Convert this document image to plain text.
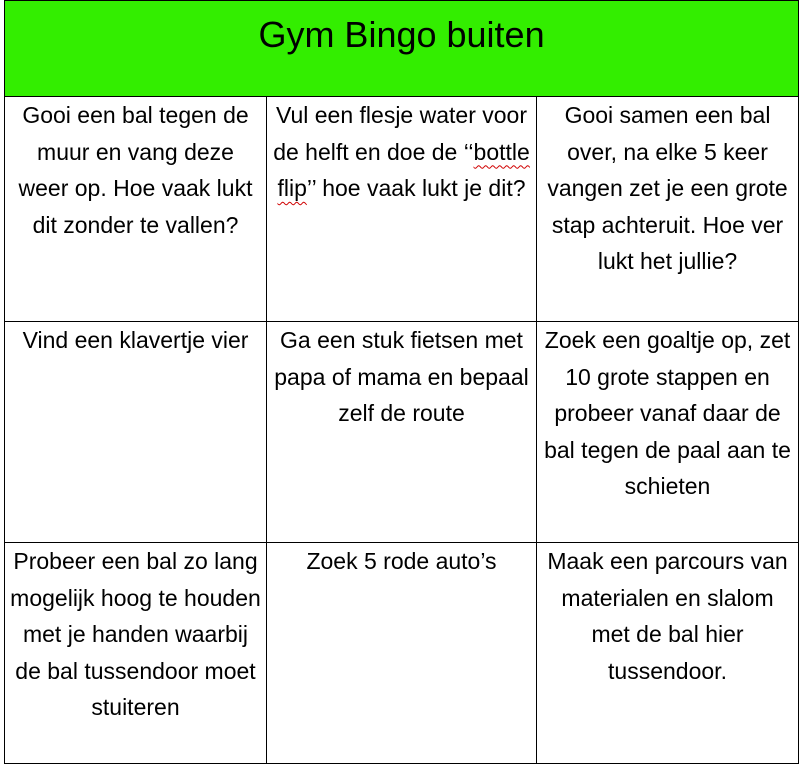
Gym Bingo buiten		

Gooi een bal tegen de muur en vang deze weer op. Hoe vaak lukt dit zonder te vallen?	Vul een flesje water voor de helft en doe de ‘‘bottle flip’’ hoe vaak lukt je dit?	Gooi samen een bal over, na elke 5 keer vangen zet je een grote stap achteruit. Hoe ver lukt het jullie?

Vind een klavertje vier	Ga een stuk fietsen met papa of mama en bepaal zelf de route	Zoek een goaltje op, zet 10 grote stappen en probeer vanaf daar de bal tegen de paal aan te schieten

Probeer een bal zo lang mogelijk hoog te houden met je handen waarbij de bal tussendoor moet stuiteren	Zoek 5 rode auto’s	Maak een parcours van materialen en slalom met de bal hier tussendoor.
